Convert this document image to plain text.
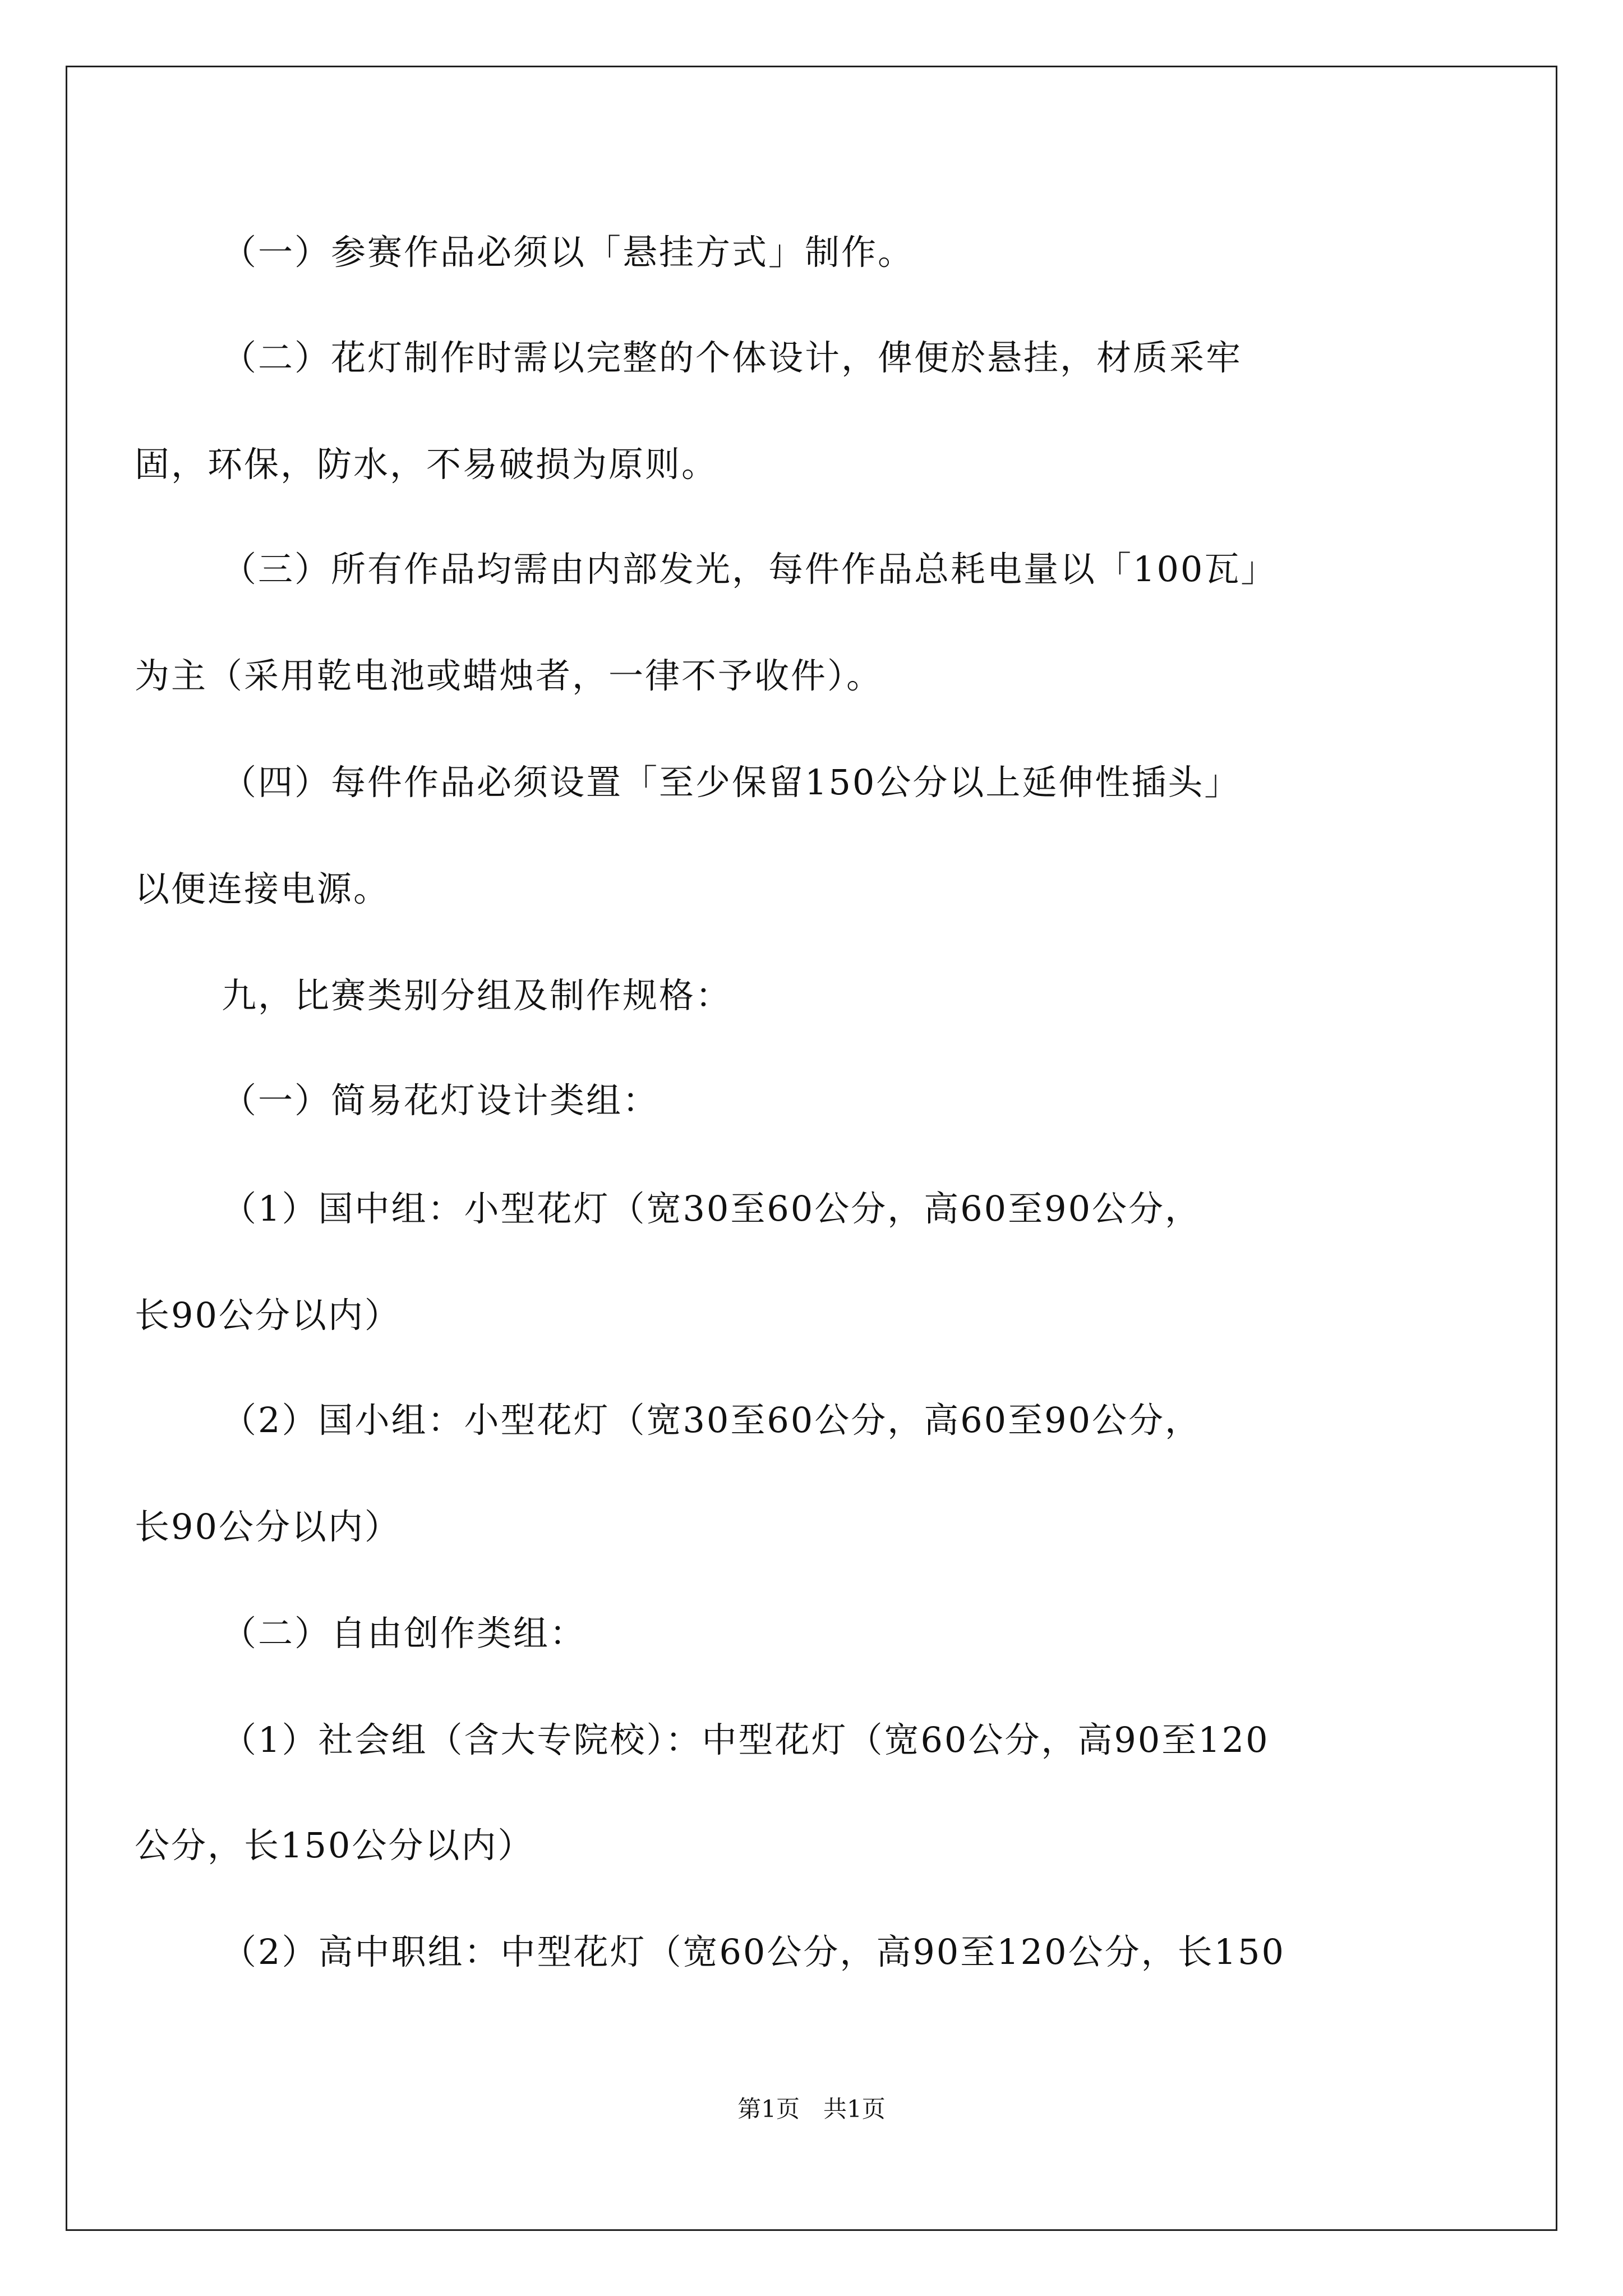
（一）参赛作品必须以「悬挂方式」制作。
（二）花灯制作时需以完整的个体设计，俾便於悬挂，材质采牢
固，环保，防水，不易破损为原则。
（三）所有作品均需由内部发光，每件作品总耗电量以「100瓦」
为主（采用乾电池或蜡烛者，一律不予收件）。
（四）每件作品必须设置「至少保留150公分以上延伸性插头」
以便连接电源。
九，比赛类别分组及制作规格：
（一）简易花灯设计类组：
（1）国中组：小型花灯（宽30至60公分，高60至90公分，
长90公分以内）
（2）国小组：小型花灯（宽30至60公分，高60至90公分，
长90公分以内）
（二）自由创作类组：
（1）社会组（含大专院校）：中型花灯（宽60公分，高90至120
公分，长150公分以内）
（2）高中职组：中型花灯（宽60公分，高90至120公分，长150
第1页　共1页
